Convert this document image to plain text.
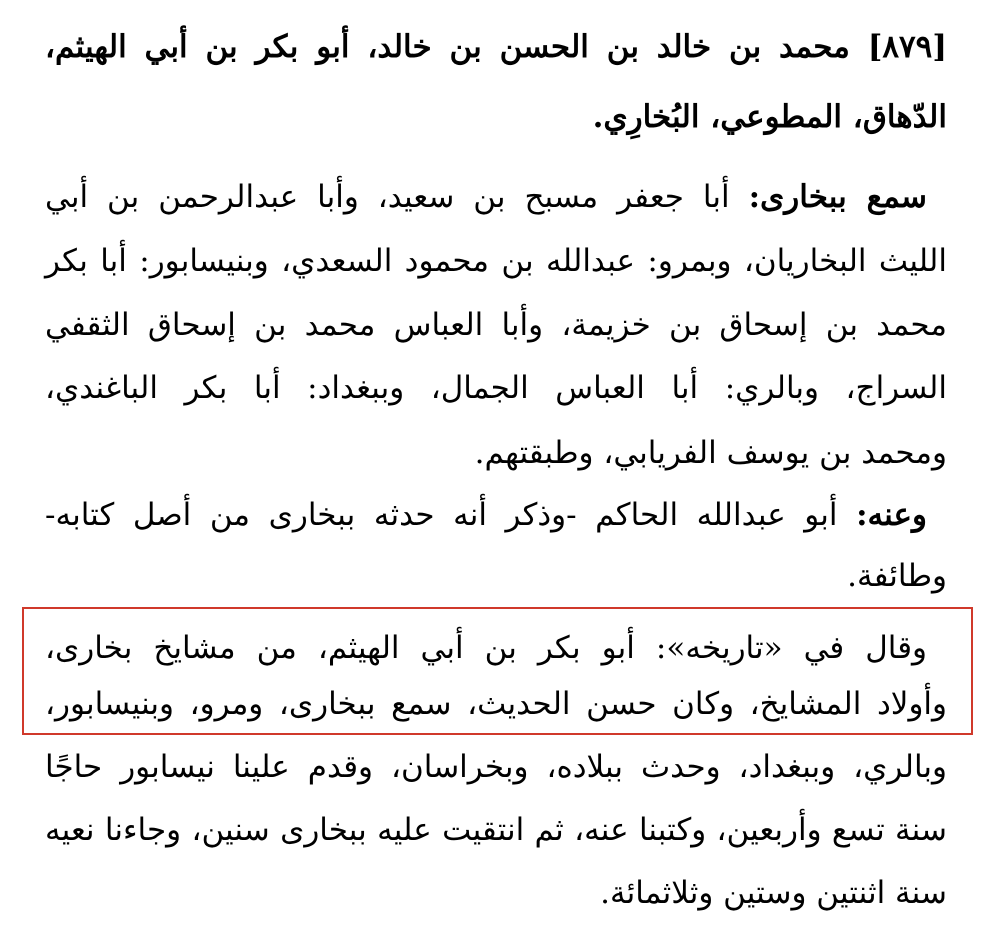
[٨٧٩] محمد بن خالد بن الحسن بن خالد، أبو بكر بن أبي الهيثم،
الدّهاق، المطوعي، البُخارِي.
سمع ببخارى: أبا جعفر مسبح بن سعيد، وأبا عبدالرحمن بن أبي
الليث البخاريان، وبمرو: عبدالله بن محمود السعدي، وبنيسابور: أبا بكر
محمد بن إسحاق بن خزيمة، وأبا العباس محمد بن إسحاق الثقفي
السراج، وبالري: أبا العباس الجمال، وببغداد: أبا بكر الباغندي،
ومحمد بن يوسف الفريابي، وطبقتهم.
وعنه: أبو عبدالله الحاكم -وذكر أنه حدثه ببخارى من أصل كتابه-
وطائفة.
وقال في «تاريخه»: أبو بكر بن أبي الهيثم، من مشايخ بخارى،
وأولاد المشايخ، وكان حسن الحديث، سمع ببخارى، ومرو، وبنيسابور،
وبالري، وببغداد، وحدث ببلاده، وبخراسان، وقدم علينا نيسابور حاجًا
سنة تسع وأربعين، وكتبنا عنه، ثم انتقيت عليه ببخارى سنين، وجاءنا نعيه
سنة اثنتين وستين وثلاثمائة.
